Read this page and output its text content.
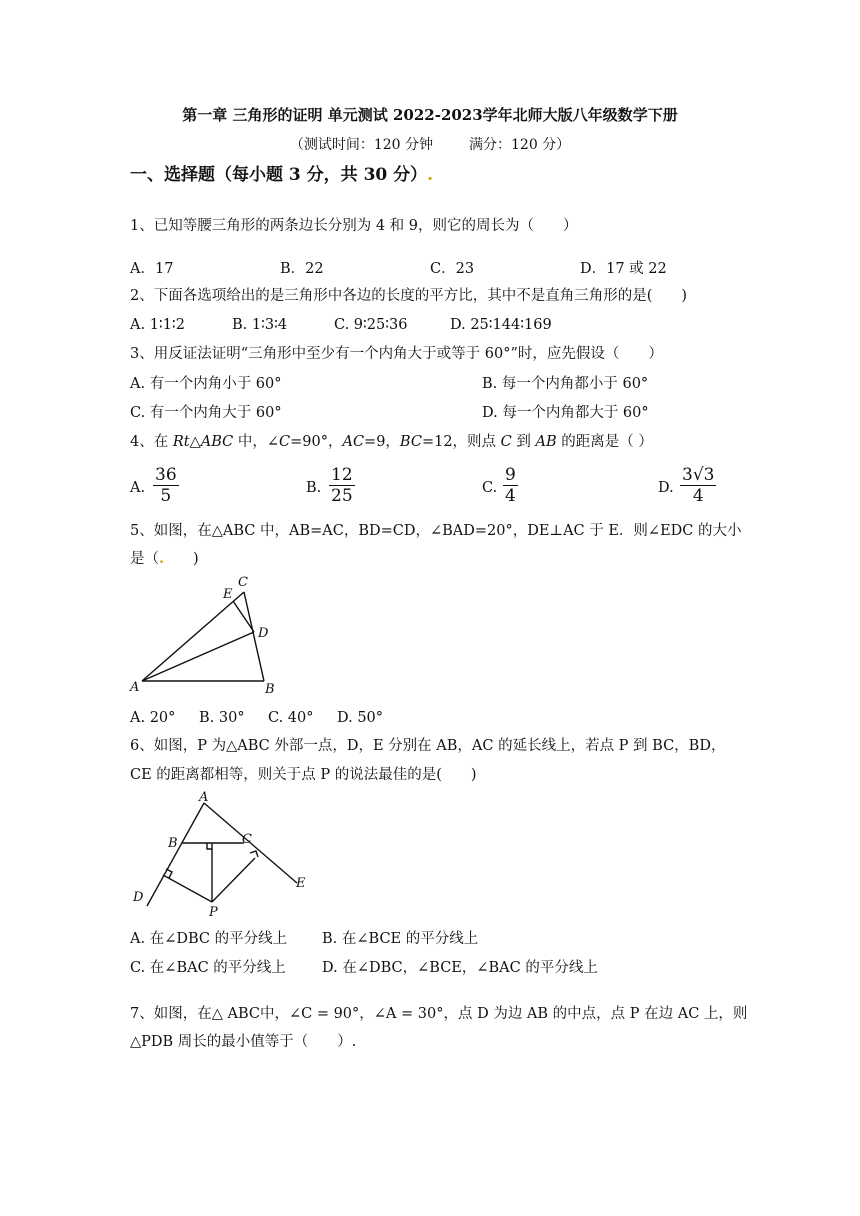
第一章 三角形的证明 单元测试 2022-2023学年北师大版八年级数学下册
（测试时间：120 分钟	满分：120 分）
一、选择题（每小题 3 分，共 30 分）.
1、已知等腰三角形的两条边长分别为 4 和 9，则它的周长为（　　）
A．17	B．22	C．23	D．17 或 22
2、下面各选项给出的是三角形中各边的长度的平方比，其中不是直角三角形的是(　　)
A. 1∶1∶2	B. 1∶3∶4	C. 9∶25∶36	D. 25∶144∶169
3、用反证法证明“三角形中至少有一个内角大于或等于 60°”时，应先假设（　　）
A. 有一个内角小于 60°	B. 每一个内角都小于 60°
C. 有一个内角大于 60°	D. 每一个内角都大于 60°
4、在 Rt△ABC 中，∠C=90°，AC=9，BC=12，则点 C 到 AB 的距离是（ ）
A.
36
5	B.
12
25	C.
9
4	D.
3√3
4
5、如图，在△ABC 中，AB=AC，BD=CD，∠BAD=20°，DE⊥AC 于 E．则∠EDC 的大小
是（.　　)
E
C
D
A	B
A. 20° B. 30° C. 40° D. 50°
6、如图，P 为△ABC 外部一点，D，E 分别在 AB，AC 的延长线上，若点 P 到 BC，BD，
CE 的距离都相等，则关于点 P 的说法最佳的是(　　)
A
B	C
D
P
E
A. 在∠DBC 的平分线上 B. 在∠BCE 的平分线上
C. 在∠BAC 的平分线上 D. 在∠DBC，∠BCE，∠BAC 的平分线上
7、如图，在△ ABC中，∠C = 90°，∠A = 30°，点 D 为边 AB 的中点，点 P 在边 AC 上，则
△PDB 周长的最小值等于（　　）.
